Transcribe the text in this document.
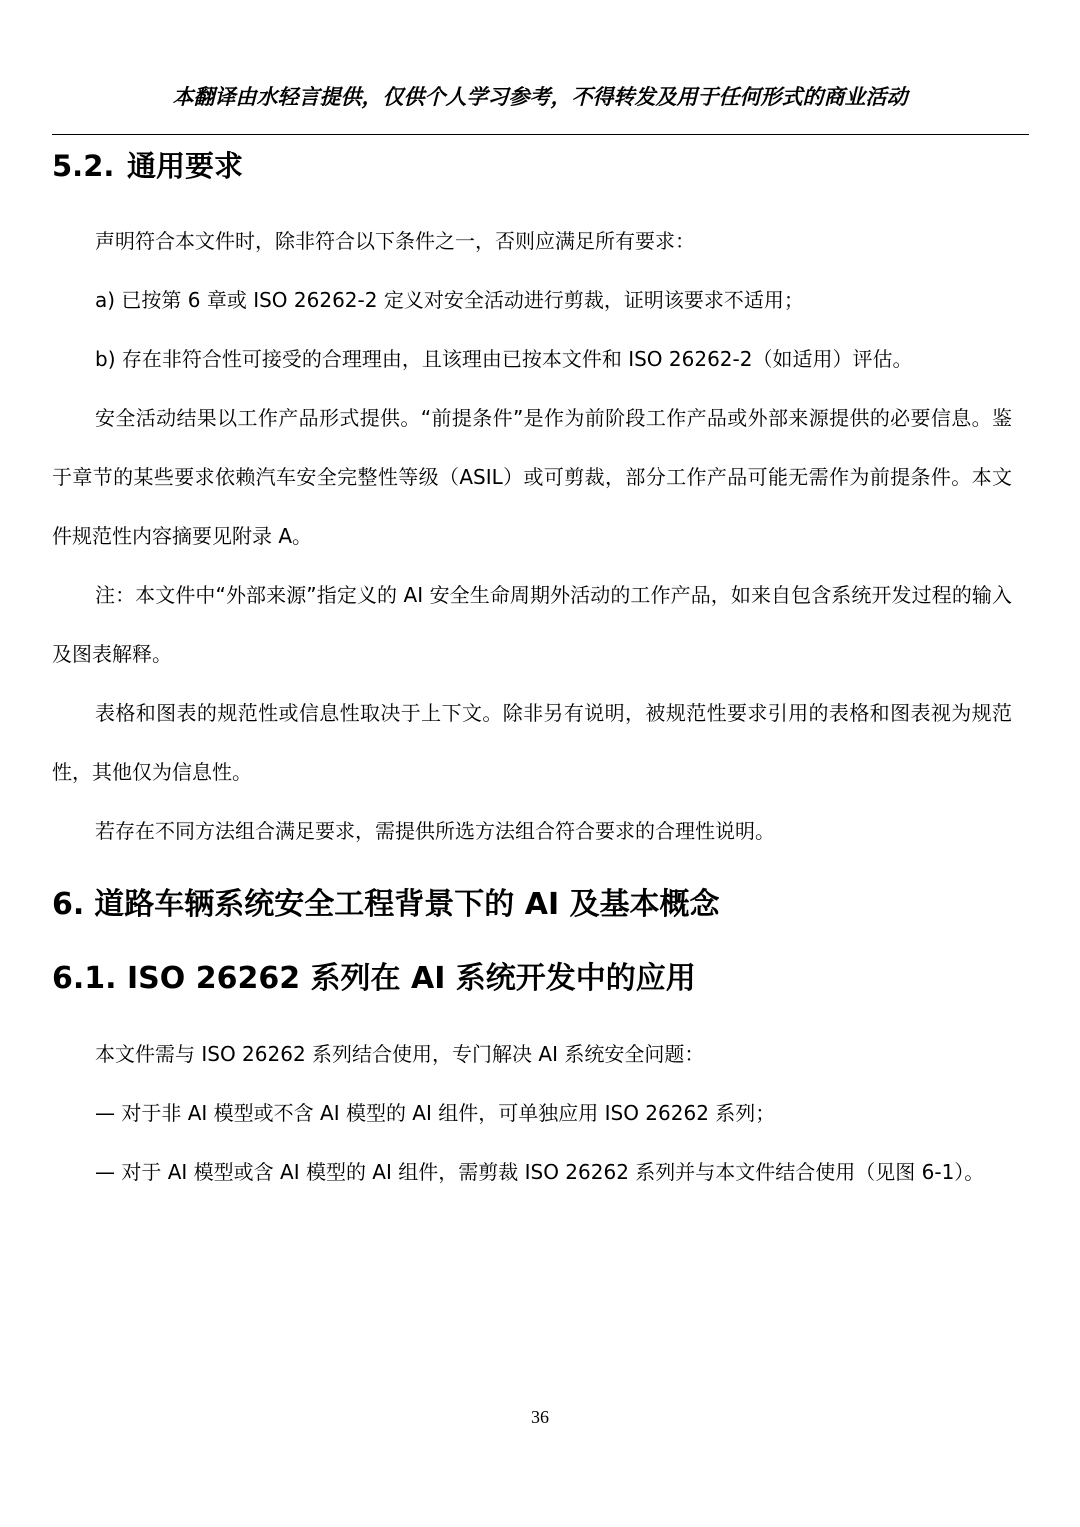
本翻译由水轻言提供，仅供个人学习参考，不得转发及用于任何形式的商业活动
5.2. 通用要求

声明符合本文件时，除非符合以下条件之一，否则应满足所有要求：

a) 已按第 6 章或 ISO 26262-2 定义对安全活动进行剪裁，证明该要求不适用；

b) 存在非符合性可接受的合理理由，且该理由已按本文件和 ISO 26262-2（如适用）评估。

安全活动结果以工作产品形式提供。“前提条件”是作为前阶段工作产品或外部来源提供的必要信息。鉴于章节的某些要求依赖汽车安全完整性等级（ASIL）或可剪裁，部分工作产品可能无需作为前提条件。本文件规范性内容摘要见附录 A。

注：本文件中“外部来源”指定义的 AI 安全生命周期外活动的工作产品，如来自包含系统开发过程的输入及图表解释。

表格和图表的规范性或信息性取决于上下文。除非另有说明，被规范性要求引用的表格和图表视为规范性，其他仅为信息性。

若存在不同方法组合满足要求，需提供所选方法组合符合要求的合理性说明。

6. 道路车辆系统安全工程背景下的 AI 及基本概念
6.1. ISO 26262 系列在 AI 系统开发中的应用

本文件需与 ISO 26262 系列结合使用，专门解决 AI 系统安全问题：

— 对于非 AI 模型或不含 AI 模型的 AI 组件，可单独应用 ISO 26262 系列；

— 对于 AI 模型或含 AI 模型的 AI 组件，需剪裁 ISO 26262 系列并与本文件结合使用（见图 6-1）。

36
